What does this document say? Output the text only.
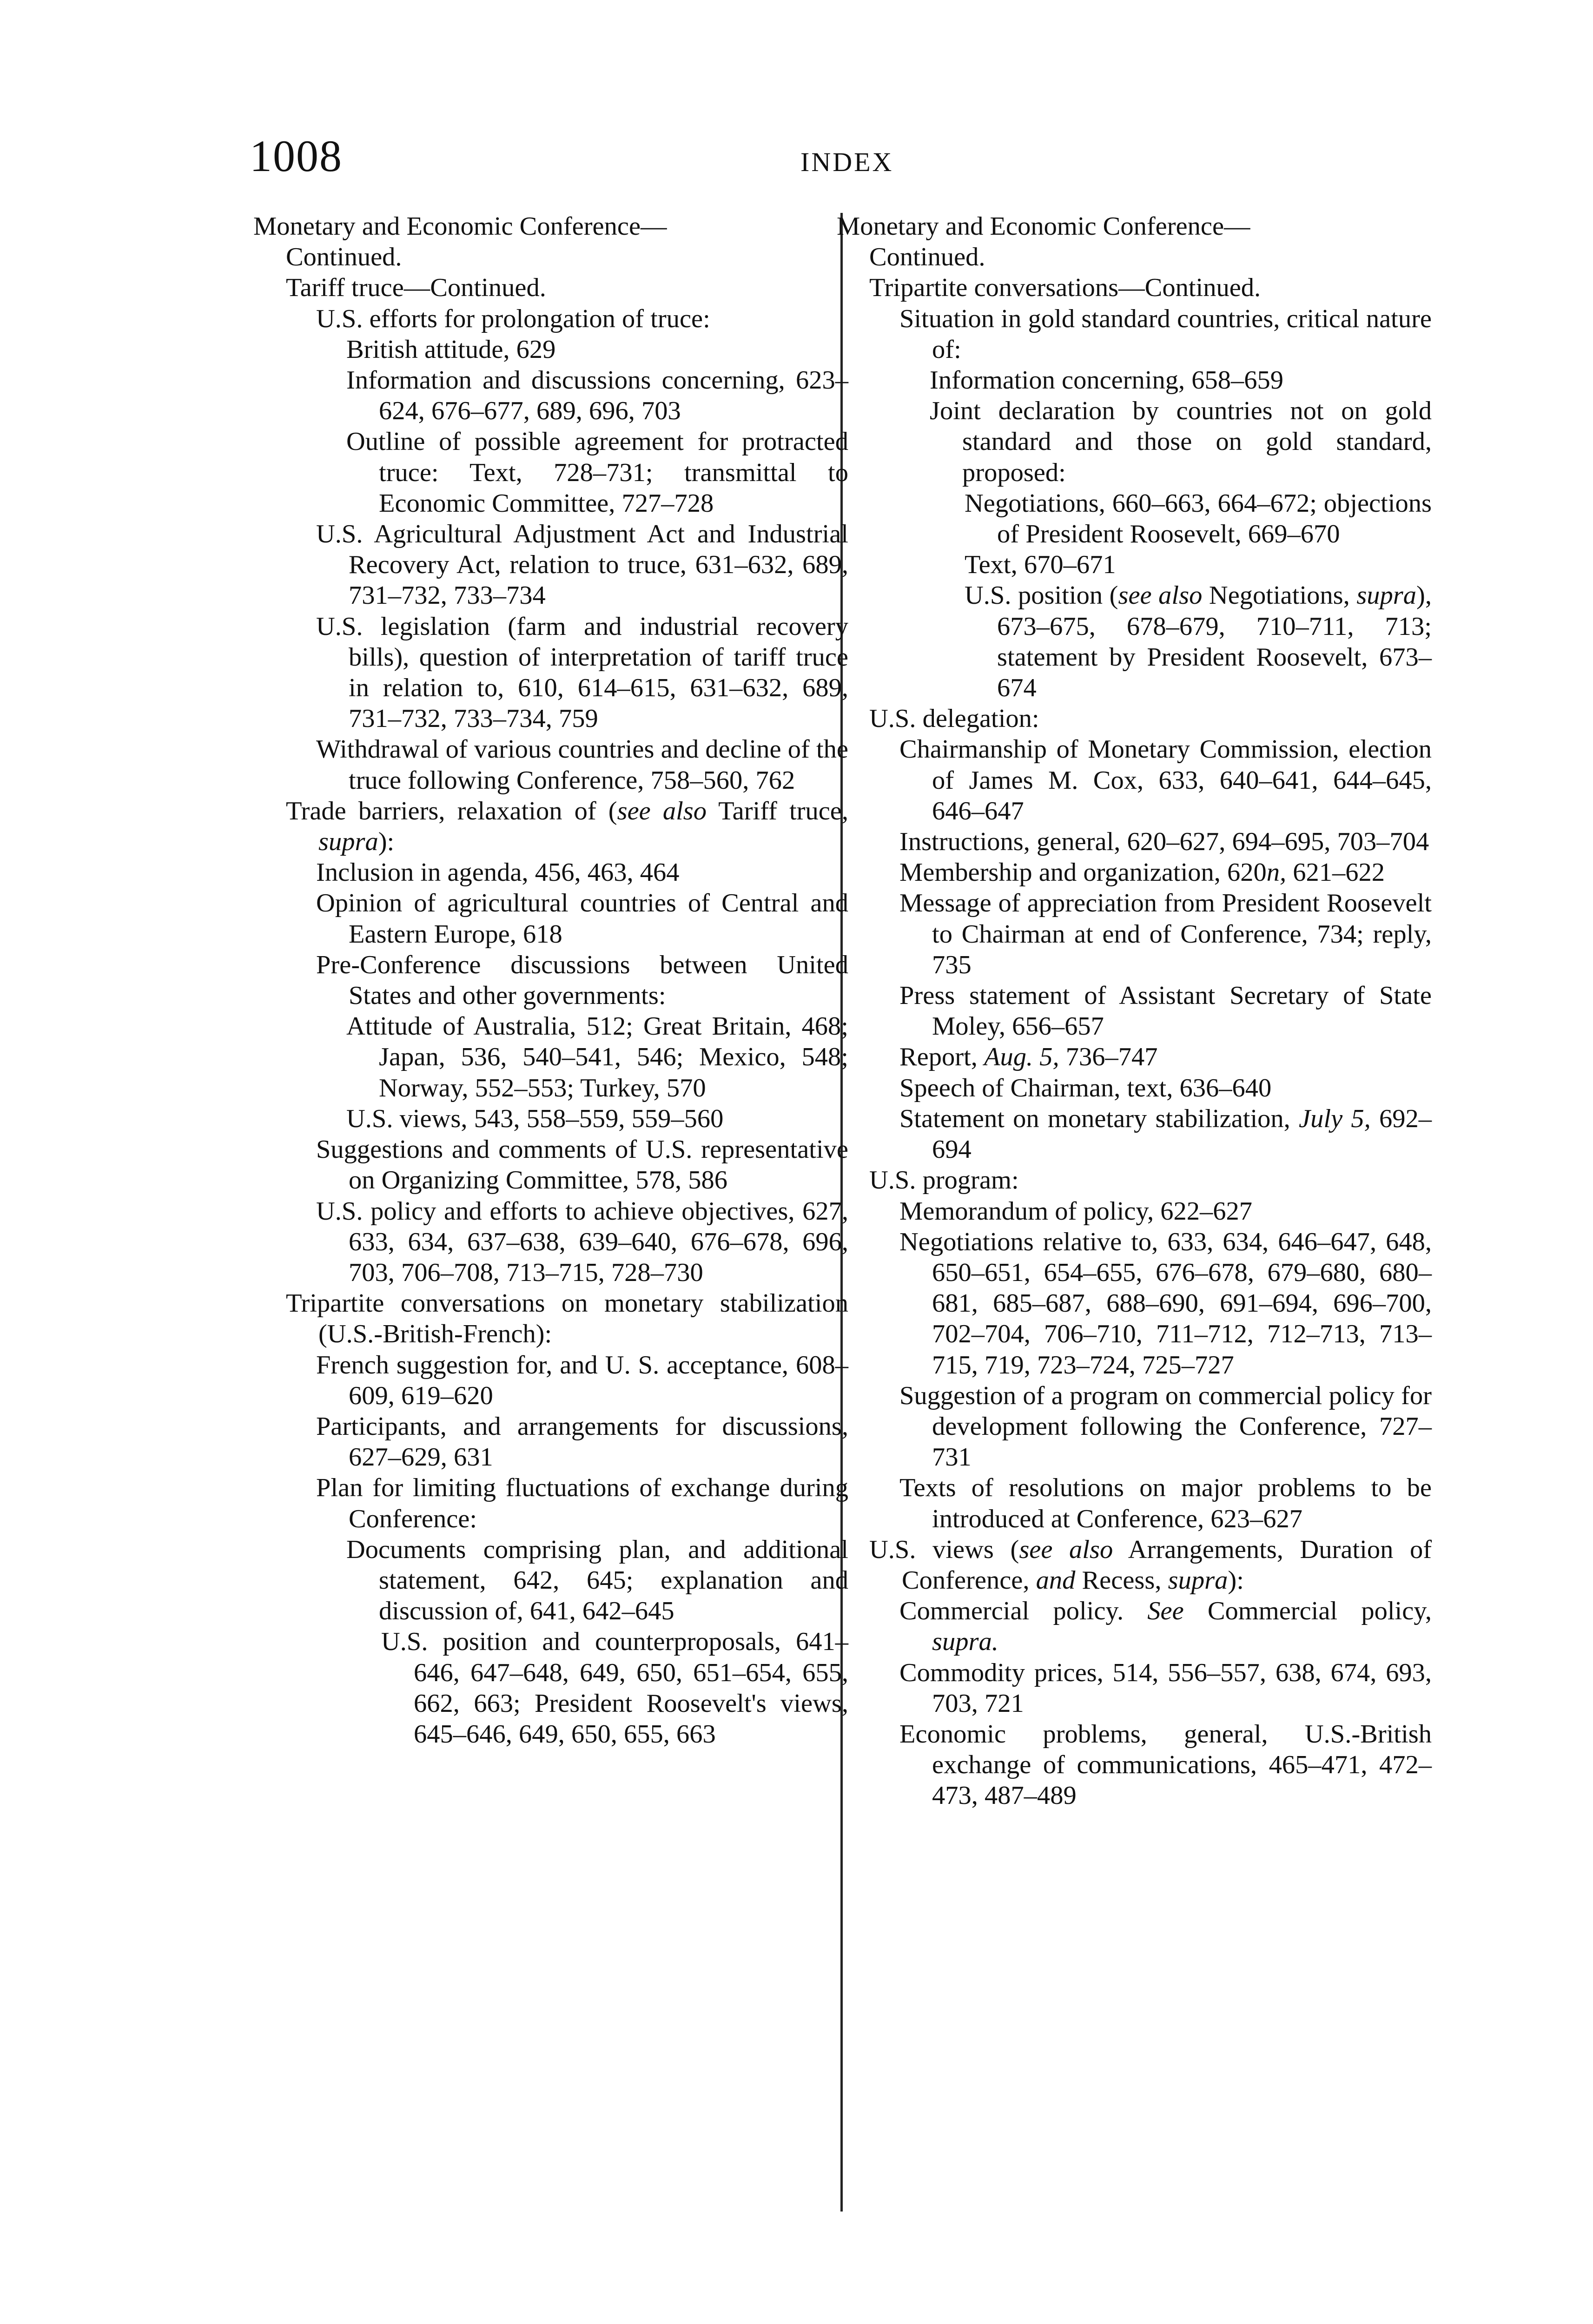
1008	INDEX

Monetary and Economic Conference—
Continued.

Tariff truce—Continued.

U.S. efforts for prolongation of truce:

British attitude, 629

Information and discussions concerning, 623–624, 676–677, 689, 696, 703

Outline of possible agreement for protracted truce: Text, 728–731; transmittal to Economic Committee, 727–728

U.S. Agricultural Adjustment Act and Industrial Recovery Act, relation to truce, 631–632, 689, 731–732, 733–734

U.S. legislation (farm and industrial recovery bills), question of interpretation of tariff truce in relation to, 610, 614–615, 631–632, 689, 731–732, 733–734, 759

Withdrawal of various countries and decline of the truce following Conference, 758–560, 762

Trade barriers, relaxation of (see also Tariff truce, supra):

Inclusion in agenda, 456, 463, 464

Opinion of agricultural countries of Central and Eastern Europe, 618

Pre-Conference discussions between United States and other governments:

Attitude of Australia, 512; Great Britain, 468; Japan, 536, 540–541, 546; Mexico, 548; Norway, 552–553; Turkey, 570

U.S. views, 543, 558–559, 559–560

Suggestions and comments of U.S. representative on Organizing Committee, 578, 586

U.S. policy and efforts to achieve objectives, 627, 633, 634, 637–638, 639–640, 676–678, 696, 703, 706–708, 713–715, 728–730

Tripartite conversations on monetary stabilization (U.S.-British-French):

French suggestion for, and U. S. acceptance, 608–609, 619–620

Participants, and arrangements for discussions, 627–629, 631

Plan for limiting fluctuations of exchange during Conference:

Documents comprising plan, and additional statement, 642, 645; explanation and discussion of, 641, 642–645

U.S. position and counterproposals, 641–646, 647–648, 649, 650, 651–654, 655, 662, 663; President Roosevelt's views, 645–646, 649, 650, 655, 663

Monetary and Economic Conference—
Continued.

Tripartite conversations—Continued.

Situation in gold standard countries, critical nature of:

Information concerning, 658–659

Joint declaration by countries not on gold standard and those on gold standard, proposed:

Negotiations, 660–663, 664–672; objections of President Roosevelt, 669–670

Text, 670–671

U.S. position (see also Negotiations, supra), 673–675, 678–679, 710–711, 713; statement by President Roosevelt, 673–674

U.S. delegation:

Chairmanship of Monetary Commission, election of James M. Cox, 633, 640–641, 644–645, 646–647

Instructions, general, 620–627, 694–695, 703–704

Membership and organization, 620n, 621–622

Message of appreciation from President Roosevelt to Chairman at end of Conference, 734; reply, 735

Press statement of Assistant Secretary of State Moley, 656–657

Report, Aug. 5, 736–747

Speech of Chairman, text, 636–640

Statement on monetary stabilization, July 5, 692–694

U.S. program:

Memorandum of policy, 622–627

Negotiations relative to, 633, 634, 646–647, 648, 650–651, 654–655, 676–678, 679–680, 680–681, 685–687, 688–690, 691–694, 696–700, 702–704, 706–710, 711–712, 712–713, 713–715, 719, 723–724, 725–727

Suggestion of a program on commercial policy for development following the Conference, 727–731

Texts of resolutions on major problems to be introduced at Conference, 623–627

U.S. views (see also Arrangements, Duration of Conference, and Recess, supra):

Commercial policy. See Commercial policy, supra.

Commodity prices, 514, 556–557, 638, 674, 693, 703, 721

Economic problems, general, U.S.-British exchange of communications, 465–471, 472–473, 487–489
